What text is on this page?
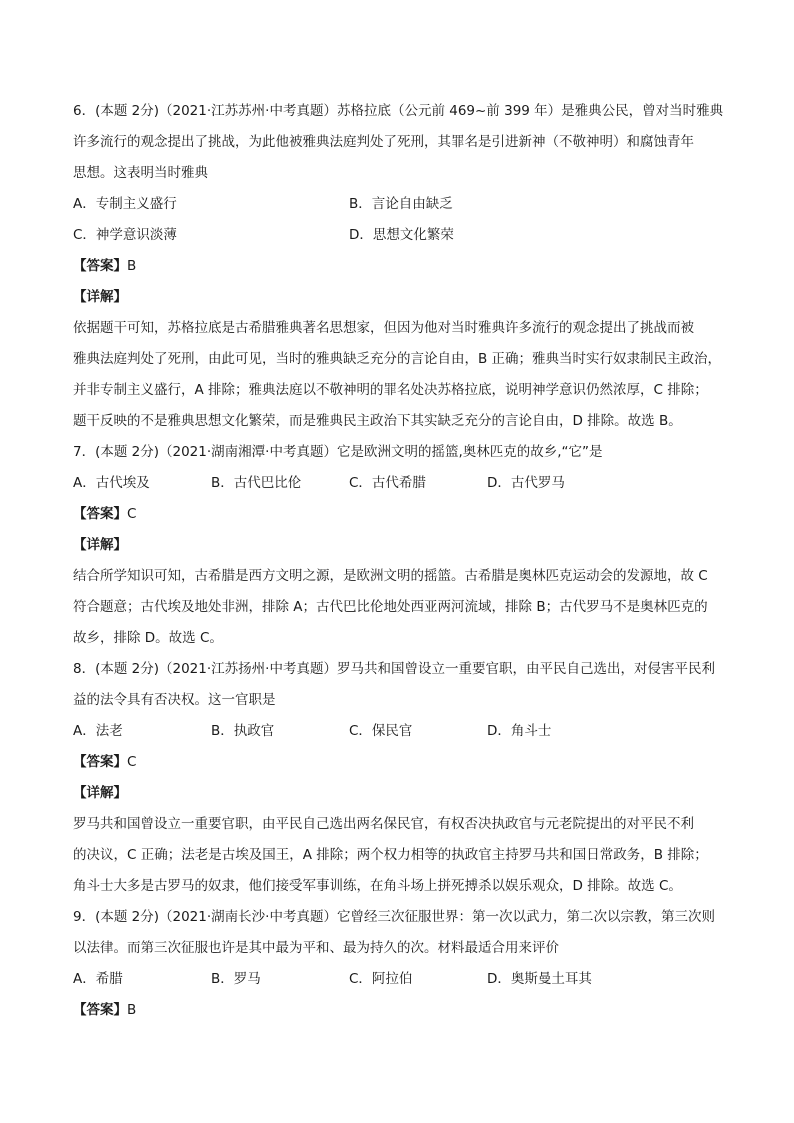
6．(本题 2分)（2021·江苏苏州·中考真题）苏格拉底（公元前 469~前 399 年）是雅典公民，曾对当时雅典
许多流行的观念提出了挑战，为此他被雅典法庭判处了死刑，其罪名是引进新神（不敬神明）和腐蚀青年
思想。这表明当时雅典
A．专制主义盛行	B．言论自由缺乏
C．神学意识淡薄	D．思想文化繁荣
【答案】B
【详解】
依据题干可知，苏格拉底是古希腊雅典著名思想家，但因为他对当时雅典许多流行的观念提出了挑战而被
雅典法庭判处了死刑，由此可见，当时的雅典缺乏充分的言论自由，B 正确；雅典当时实行奴隶制民主政治，
并非专制主义盛行，A 排除；雅典法庭以不敬神明的罪名处决苏格拉底，说明神学意识仍然浓厚，C 排除；
题干反映的不是雅典思想文化繁荣，而是雅典民主政治下其实缺乏充分的言论自由，D 排除。故选 B。
7．(本题 2分)（2021·湖南湘潭·中考真题）它是欧洲文明的摇篮,奥林匹克的故乡,“它”是
A．古代埃及	B．古代巴比伦	C．古代希腊	D．古代罗马
【答案】C
【详解】
结合所学知识可知，古希腊是西方文明之源，是欧洲文明的摇篮。古希腊是奥林匹克运动会的发源地，故 C
符合题意；古代埃及地处非洲，排除 A；古代巴比伦地处西亚两河流域，排除 B；古代罗马不是奥林匹克的
故乡，排除 D。故选 C。
8．(本题 2分)（2021·江苏扬州·中考真题）罗马共和国曾设立一重要官职，由平民自己选出，对侵害平民利
益的法令具有否决权。这一官职是
A．法老	B．执政官	C．保民官	D．角斗士
【答案】C
【详解】
罗马共和国曾设立一重要官职，由平民自己选出两名保民官，有权否决执政官与元老院提出的对平民不利
的决议，C 正确；法老是古埃及国王，A 排除；两个权力相等的执政官主持罗马共和国日常政务，B 排除；
角斗士大多是古罗马的奴隶，他们接受军事训练，在角斗场上拼死搏杀以娱乐观众，D 排除。故选 C。
9．(本题 2分)（2021·湖南长沙·中考真题）它曾经三次征服世界：第一次以武力，第二次以宗教，第三次则
以法律。而第三次征服也许是其中最为平和、最为持久的次。材料最适合用来评价
A．希腊	B．罗马	C．阿拉伯	D．奥斯曼土耳其
【答案】B
